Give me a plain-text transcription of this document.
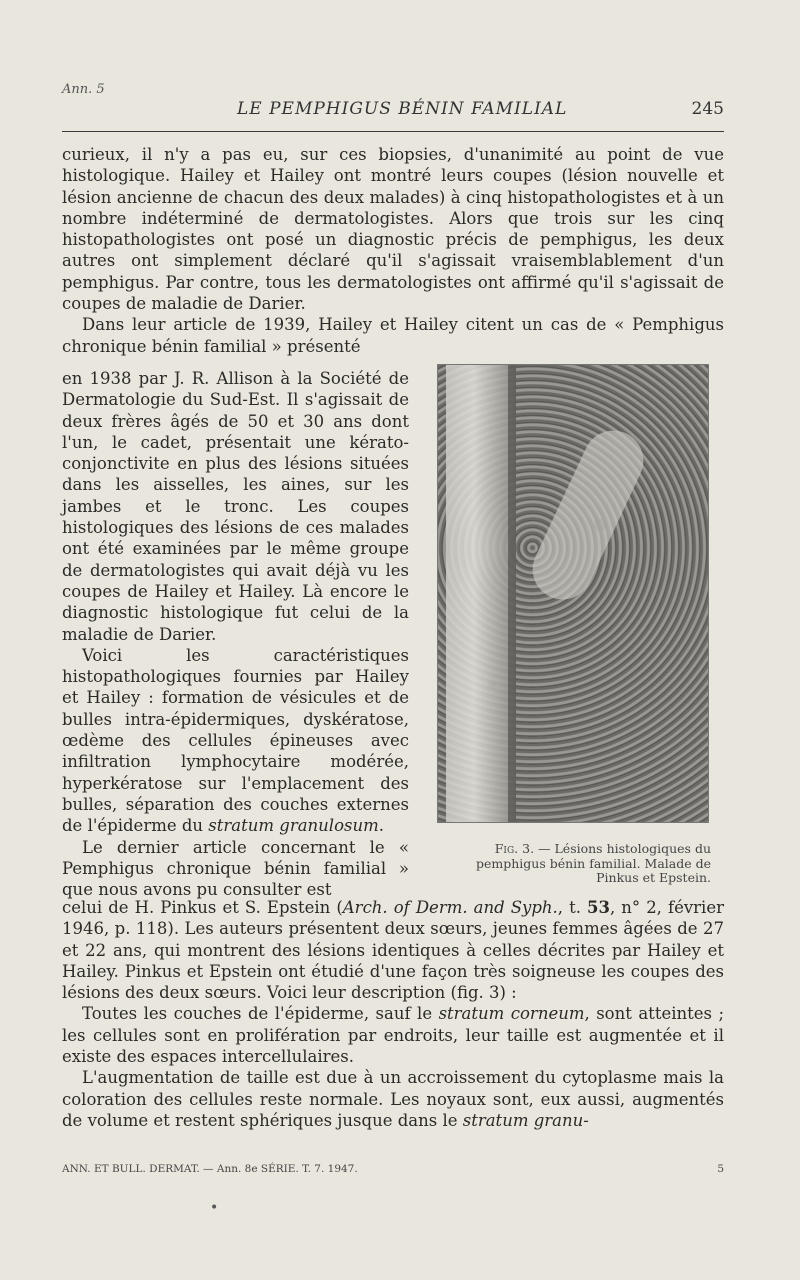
Ann. 5
LE PEMPHIGUS BÉNIN FAMILIAL	245

curieux, il n'y a pas eu, sur ces biopsies, d'unanimité au point de vue histologique. Hailey et Hailey ont montré leurs coupes (lésion nouvelle et lésion ancienne de chacun des deux malades) à cinq histopathologistes et à un nombre indéterminé de dermatologistes. Alors que trois sur les cinq histopathologistes ont posé un diagnostic précis de pemphigus, les deux autres ont simplement déclaré qu'il s'agissait vraisemblablement d'un pemphigus. Par contre, tous les dermatologistes ont affirmé qu'il s'agissait de coupes de maladie de Darier.

Dans leur article de 1939, Hailey et Hailey citent un cas de « Pemphigus chronique bénin familial » présenté

en 1938 par J. R. Allison à la Société de Dermatologie du Sud-Est. Il s'agissait de deux frères âgés de 50 et 30 ans dont l'un, le cadet, présentait une kérato-conjonctivite en plus des lésions situées dans les aisselles, les aines, sur les jambes et le tronc. Les coupes histologiques des lésions de ces malades ont été examinées par le même groupe de dermatologistes qui avait déjà vu les coupes de Hailey et Hailey. Là encore le diagnostic histologique fut celui de la maladie de Darier.

Voici les caractéristiques histopathologiques fournies par Hailey et Hailey : formation de vésicules et de bulles intra-épidermiques, dyskératose, œdème des cellules épineuses avec infiltration lymphocytaire modérée, hyperkératose sur l'emplacement des bulles, séparation des couches externes de l'épiderme du stratum granulosum.

Le dernier article concernant le « Pemphigus chronique bénin familial » que nous avons pu consulter est

Fig. 3. — Lésions histologiques du pemphigus bénin familial. Malade de Pinkus et Epstein.

celui de H. Pinkus et S. Epstein (Arch. of Derm. and Syph., t. 53, n° 2, février 1946, p. 118). Les auteurs présentent deux sœurs, jeunes femmes âgées de 27 et 22 ans, qui montrent des lésions identiques à celles décrites par Hailey et Hailey. Pinkus et Epstein ont étudié d'une façon très soigneuse les coupes des lésions des deux sœurs. Voici leur description (fig. 3) :

Toutes les couches de l'épiderme, sauf le stratum corneum, sont atteintes ; les cellules sont en prolifération par endroits, leur taille est augmentée et il existe des espaces intercellulaires.

L'augmentation de taille est due à un accroissement du cytoplasme mais la coloration des cellules reste normale. Les noyaux sont, eux aussi, augmentés de volume et restent sphériques jusque dans le stratum granu-

ANN. ET BULL. DERMAT. — Ann. 8e SÉRIE. T. 7. 1947.	5
•
